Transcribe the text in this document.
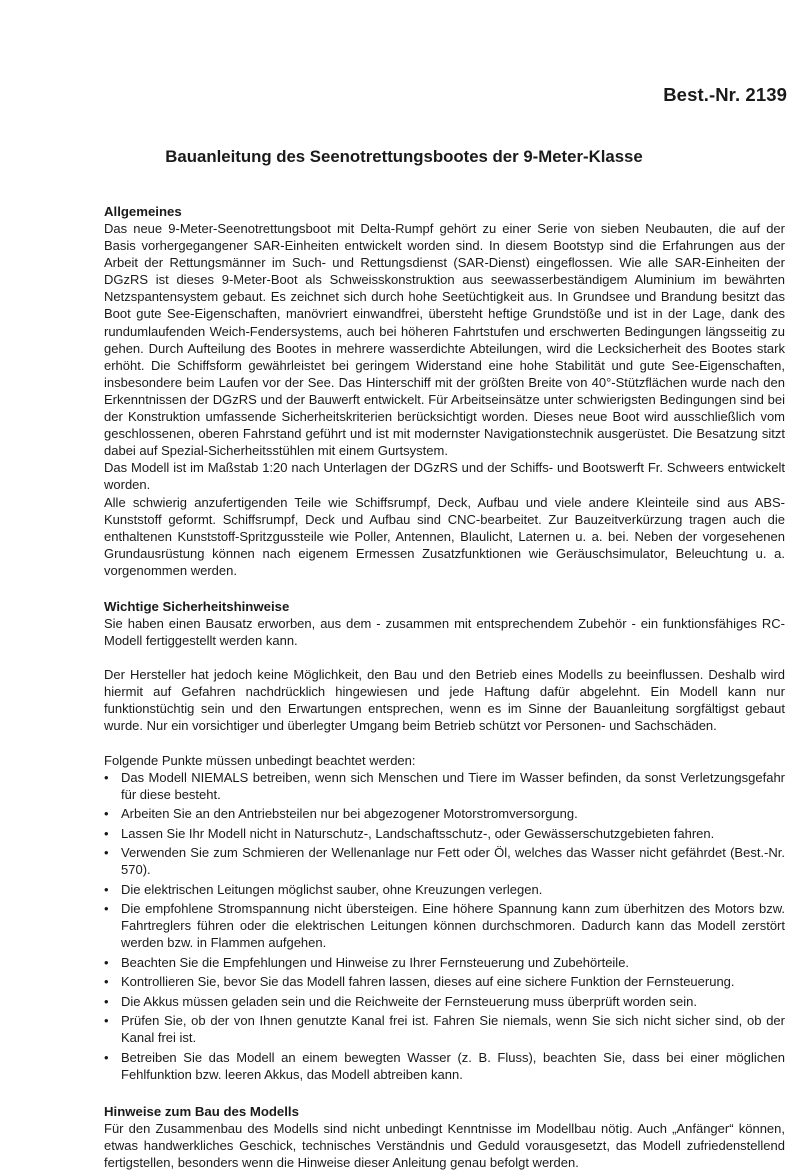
Best.-Nr. 2139
Bauanleitung des Seenotrettungsbootes der 9-Meter-Klasse
Allgemeines

Das neue 9-Meter-Seenotrettungsboot mit Delta-Rumpf gehört zu einer Serie von sieben Neubauten, die auf der Basis vorhergegangener SAR-Einheiten entwickelt worden sind. In diesem Bootstyp sind die Erfahrungen aus der Arbeit der Rettungsmänner im Such- und Rettungsdienst (SAR-Dienst) eingeflossen. Wie alle SAR-Einheiten der DGzRS ist dieses 9-Meter-Boot als Schweisskonstruktion aus seewasserbeständigem Aluminium im bewährten Netzspantensystem gebaut. Es zeichnet sich durch hohe Seetüchtigkeit aus. In Grundsee und Brandung besitzt das Boot gute See-Eigenschaften, manövriert einwandfrei, übersteht heftige Grundstöße und ist in der Lage, dank des rundumlaufenden Weich-Fendersystems, auch bei höheren Fahrtstufen und erschwerten Bedingungen längsseitig zu gehen. Durch Aufteilung des Bootes in mehrere wasserdichte Abteilungen, wird die Lecksicherheit des Bootes stark erhöht. Die Schiffsform gewährleistet bei geringem Widerstand eine hohe Stabilität und gute See-Eigenschaften, insbesondere beim Laufen vor der See. Das Hinterschiff mit der größten Breite von 40°-Stützflächen wurde nach den Erkenntnissen der DGzRS und der Bauwerft entwickelt. Für Arbeitseinsätze unter schwierigsten Bedingungen sind bei der Konstruktion umfassende Sicherheitskriterien berücksichtigt worden. Dieses neue Boot wird ausschließlich vom geschlossenen, oberen Fahrstand geführt und ist mit modernster Navigationstechnik ausgerüstet. Die Besatzung sitzt dabei auf Spezial-Sicherheitsstühlen mit einem Gurtsystem.

Das Modell ist im Maßstab 1:20 nach Unterlagen der DGzRS und der Schiffs- und Bootswerft Fr. Schweers entwickelt worden.

Alle schwierig anzufertigenden Teile wie Schiffsrumpf, Deck, Aufbau und viele andere Kleinteile sind aus ABS-Kunststoff geformt. Schiffsrumpf, Deck und Aufbau sind CNC-bearbeitet. Zur Bauzeitverkürzung tragen auch die enthaltenen Kunststoff-Spritzgussteile wie Poller, Antennen, Blaulicht, Laternen u. a. bei. Neben der vorgesehenen Grundausrüstung können nach eigenem Ermessen Zusatzfunktionen wie Geräuschsimulator, Beleuchtung u. a. vorgenommen werden.

Wichtige Sicherheitshinweise

Sie haben einen Bausatz erworben, aus dem - zusammen mit entsprechendem Zubehör - ein funktionsfähiges RC-Modell fertiggestellt werden kann.

Der Hersteller hat jedoch keine Möglichkeit, den Bau und den Betrieb eines Modells zu beeinflussen. Deshalb wird hiermit auf Gefahren nachdrücklich hingewiesen und jede Haftung dafür abgelehnt. Ein Modell kann nur funktionstüchtig sein und den Erwartungen entsprechen, wenn es im Sinne der Bauanleitung sorgfältigst gebaut wurde. Nur ein vorsichtiger und überlegter Umgang beim Betrieb schützt vor Personen- und Sachschäden.

Folgende Punkte müssen unbedingt beachtet werden:

• Das Modell NIEMALS betreiben, wenn sich Menschen und Tiere im Wasser befinden, da sonst Verletzungsgefahr für diese besteht.
• Arbeiten Sie an den Antriebsteilen nur bei abgezogener Motorstromversorgung.
• Lassen Sie Ihr Modell nicht in Naturschutz-, Landschaftsschutz-, oder Gewässerschutzgebieten fahren.
• Verwenden Sie zum Schmieren der Wellenanlage nur Fett oder Öl, welches das Wasser nicht gefährdet (Best.-Nr. 570).
• Die elektrischen Leitungen möglichst sauber, ohne Kreuzungen verlegen.
• Die empfohlene Stromspannung nicht übersteigen. Eine höhere Spannung kann zum überhitzen des Motors bzw. Fahrtreglers führen oder die elektrischen Leitungen können durchschmoren. Dadurch kann das Modell zerstört werden bzw. in Flammen aufgehen.
• Beachten Sie die Empfehlungen und Hinweise zu Ihrer Fernsteuerung und Zubehörteile.
• Kontrollieren Sie, bevor Sie das Modell fahren lassen, dieses auf eine sichere Funktion der Fernsteuerung.
• Die Akkus müssen geladen sein und die Reichweite der Fernsteuerung muss überprüft worden sein.
• Prüfen Sie, ob der von Ihnen genutzte Kanal frei ist. Fahren Sie niemals, wenn Sie sich nicht sicher sind, ob der Kanal frei ist.
• Betreiben Sie das Modell an einem bewegten Wasser (z. B. Fluss), beachten Sie, dass bei einer möglichen Fehlfunktion bzw. leeren Akkus, das Modell abtreiben kann.
Hinweise zum Bau des Modells

Für den Zusammenbau des Modells sind nicht unbedingt Kenntnisse im Modellbau nötig. Auch „Anfänger“ können, etwas handwerkliches Geschick, technisches Verständnis und Geduld vorausgesetzt, das Modell zufriedenstellend fertigstellen, besonders wenn die Hinweise dieser Anleitung genau befolgt werden.
